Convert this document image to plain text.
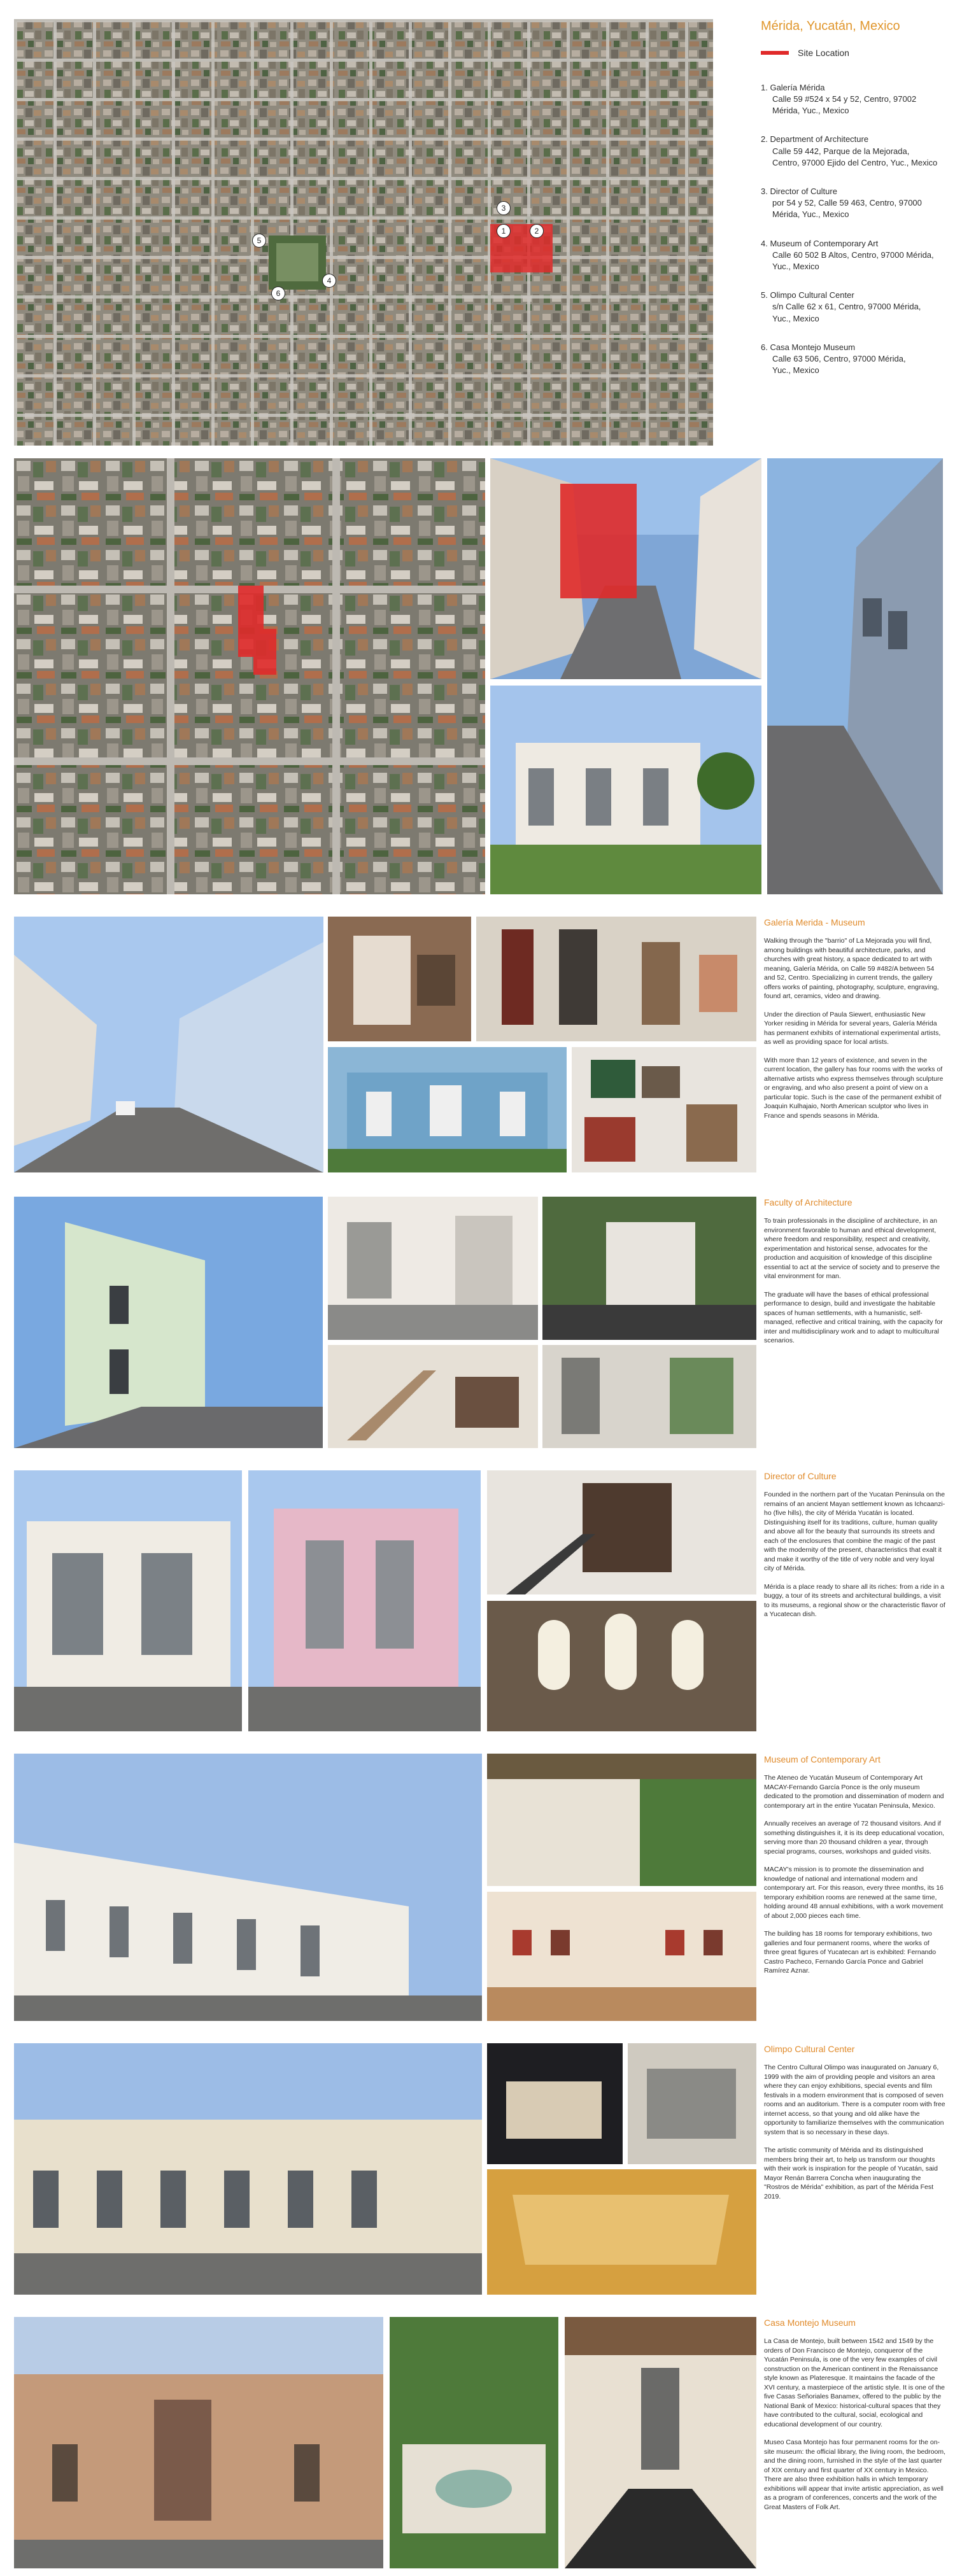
1	2
3
4
5
6
Mérida, Yucatán, Mexico
Site Location
1. Galería Mérida
Calle 59 #524 x 54 y 52, Centro, 97002
Mérida, Yuc., Mexico
2. Department of Architecture
Calle 59 442, Parque de la Mejorada,
Centro, 97000 Ejido del Centro, Yuc., Mexico
3. Director of Culture
por 54 y 52, Calle 59 463, Centro, 97000
Mérida, Yuc., Mexico
4. Museum of Contemporary Art
Calle 60 502 B Altos, Centro, 97000 Mérida,
Yuc., Mexico
5. Olimpo Cultural Center
s/n Calle 62 x 61, Centro, 97000 Mérida,
Yuc., Mexico
6. Casa Montejo Museum
Calle 63 506, Centro, 97000 Mérida,
Yuc., Mexico
Galería Merida - Museum

Walking through the "barrio" of La Mejorada you will find, among buildings with beautiful architecture, parks, and churches with great history, a space dedicated to art with meaning, Galería Mérida, on Calle 59 #482/A between 54 and 52, Centro. Specializing in current trends, the gallery offers works of painting, photography, sculpture, engraving, found art, ceramics, video and drawing.

Under the direction of Paula Siewert, enthusiastic New Yorker residing in Mérida for several years, Galería Mérida has permanent exhibits of international experimental artists, as well as providing space for local artists.

With more than 12 years of existence, and seven in the current location, the gallery has four rooms with the works of alternative artists who express themselves through sculpture or engraving, and who also present a point of view on a particular topic. Such is the case of the permanent exhibit of Joaquin Kulhajaio, North American sculptor who lives in France and spends seasons in Mérida.

Faculty of Architecture

To train professionals in the discipline of architecture, in an environment favorable to human and ethical development, where freedom and responsibility, respect and creativity, experimentation and historical sense, advocates for the production and acquisition of knowledge of this discipline essential to act at the service of society and to preserve the vital environment for man.

The graduate will have the bases of ethical professional performance to design, build and investigate the habitable spaces of human settlements, with a humanistic, self-managed, reflective and critical training, with the capacity for inter and multidisciplinary work and to adapt to multicultural scenarios.

Director of Culture

Founded in the northern part of the Yucatan Peninsula on the remains of an ancient Mayan settlement known as Ichcaanzi-ho (five hills), the city of Mérida Yucatán is located. Distinguishing itself for its traditions, culture, human quality and above all for the beauty that surrounds its streets and each of the enclosures that combine the magic of the past with the modernity of the present, characteristics that exalt it and make it worthy of the title of very noble and very loyal city of Mérida.

Mérida is a place ready to share all its riches: from a ride in a buggy, a tour of its streets and architectural buildings, a visit to its museums, a regional show or the characteristic flavor of a Yucatecan dish.

Museum of Contemporary Art

The Ateneo de Yucatán Museum of Contemporary Art MACAY-Fernando García Ponce is the only museum dedicated to the promotion and dissemination of modern and contemporary art in the entire Yucatan Peninsula, Mexico.

Annually receives an average of 72 thousand visitors. And if something distinguishes it, it is its deep educational vocation, serving more than 20 thousand children a year, through special programs, courses, workshops and guided visits.

MACAY's mission is to promote the dissemination and knowledge of national and international modern and contemporary art. For this reason, every three months, its 16 temporary exhibition rooms are renewed at the same time, holding around 48 annual exhibitions, with a work movement of about 2,000 pieces each time.

The building has 18 rooms for temporary exhibitions, two galleries and four permanent rooms, where the works of three great figures of Yucatecan art is exhibited: Fernando Castro Pacheco, Fernando García Ponce and Gabriel Ramírez Aznar.

Olimpo Cultural Center

The Centro Cultural Olimpo was inaugurated on January 6, 1999 with the aim of providing people and visitors an area where they can enjoy exhibitions, special events and film festivals in a modern environment that is composed of seven rooms and an auditorium. There is a computer room with free internet access, so that young and old alike have the opportunity to familiarize themselves with the communication system that is so necessary in these days.

The artistic community of Mérida and its distinguished members bring their art, to help us transform our thoughts with their work is inspiration for the people of Yucatán, said Mayor Renán Barrera Concha when inaugurating the "Rostros de Mérida" exhibition, as part of the Mérida Fest 2019.

Casa Montejo Museum

La Casa de Montejo, built between 1542 and 1549 by the orders of Don Francisco de Montejo, conqueror of the Yucatán Peninsula, is one of the very few examples of civil construction on the American continent in the Renaissance style known as Plateresque. It maintains the facade of the XVI century, a masterpiece of the artistic style. It is one of the five Casas Señoriales Banamex, offered to the public by the National Bank of Mexico: historical-cultural spaces that they have contributed to the cultural, social, ecological and educational development of our country.

Museo Casa Montejo has four permanent rooms for the on-site museum: the official library, the living room, the bedroom, and the dining room, furnished in the style of the last quarter of XIX century and first quarter of XX century in Mexico. There are also three exhibition halls in which temporary exhibitions will appear that invite artistic appreciation, as well as a program of conferences, concerts and the work of the Great Masters of Folk Art.
